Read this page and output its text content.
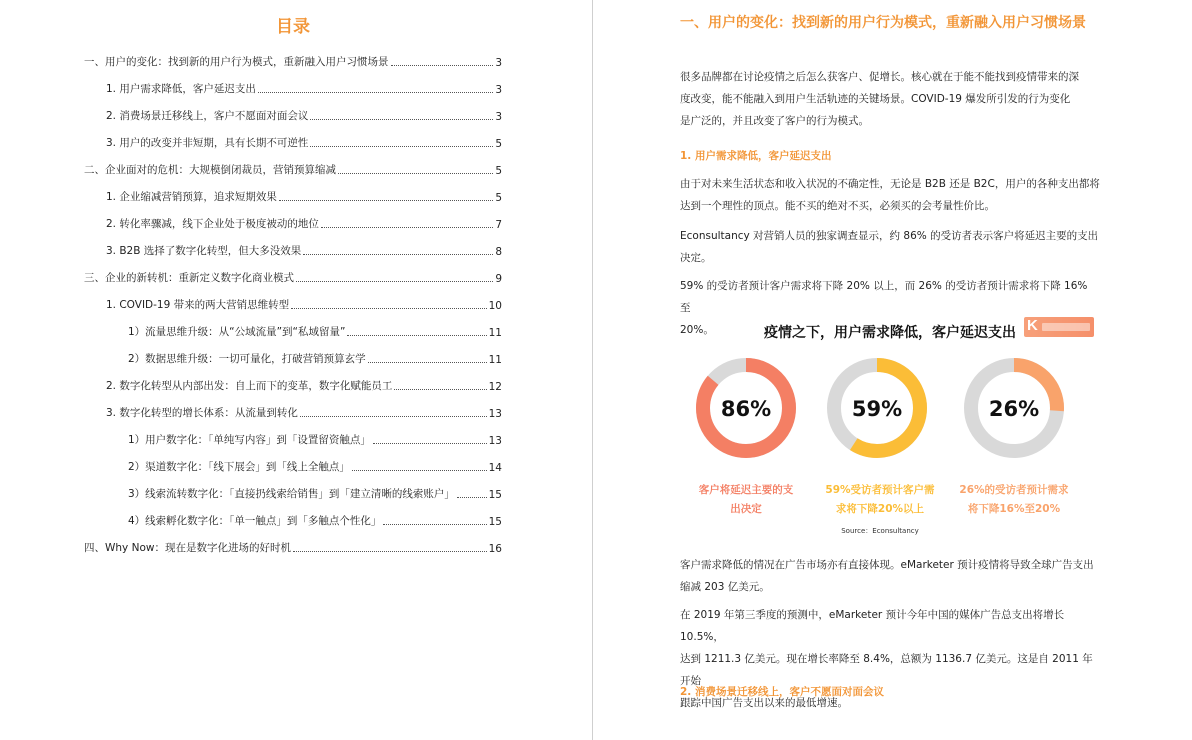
目录
一、用户的变化：找到新的用户行为模式，重新融入用户习惯场景	3
1. 用户需求降低，客户延迟支出	3
2. 消费场景迁移线上，客户不愿面对面会议	3
3. 用户的改变并非短期，具有长期不可逆性	5
二、企业面对的危机：大规模倒闭裁员，营销预算缩减	5
1. 企业缩减营销预算，追求短期效果	5
2. 转化率骤减，线下企业处于极度被动的地位	7
3. B2B 选择了数字化转型，但大多没效果	8
三、企业的新转机：重新定义数字化商业模式	9
1. COVID-19 带来的两大营销思维转型	10
1）流量思维升级：从“公域流量”到“私域留量”	11
2）数据思维升级：一切可量化，打破营销预算玄学	11
2. 数字化转型从内部出发：自上而下的变革，数字化赋能员工	12
3. 数字化转型的增长体系：从流量到转化	13
1）用户数字化：「单纯写内容」到「设置留资触点」	13
2）渠道数字化：「线下展会」到「线上全触点」	14
3）线索流转数字化：「直接扔线索给销售」到「建立清晰的线索账户」	15
4）线索孵化数字化：「单一触点」到「多触点个性化」	15
四、Why Now：现在是数字化进场的好时机	16
一、用户的变化：找到新的用户行为模式，重新融入用户习惯场景
很多品牌都在讨论疫情之后怎么获客户、促增长。核心就在于能不能找到疫情带来的深
度改变，能不能融入到用户生活轨迹的关键场景。COVID-19 爆发所引发的行为变化
是广泛的，并且改变了客户的行为模式。
1. 用户需求降低，客户延迟支出
由于对未来生活状态和收入状况的不确定性，无论是 B2B 还是 B2C，用户的各种支出都将
达到一个理性的顶点。能不买的绝对不买，必须买的会考量性价比。
Econsultancy 对营销人员的独家调查显示，约 86% 的受访者表示客户将延迟主要的支出
决定。
59% 的受访者预计客户需求将下降 20% 以上，而 26% 的受访者预计需求将下降 16% 至
20%。	疫情之下，用户需求降低，客户延迟支出 K
86%	59%	26%
客户将延迟主要的支
出决定
59%受访者预计客户需
求将下降20%以上
26%的受访者预计需求
将下降16%至20%
Source：Econsultancy
客户需求降低的情况在广告市场亦有直接体现。eMarketer 预计疫情将导致全球广告支出
缩减 203 亿美元。
在 2019 年第三季度的预测中，eMarketer 预计今年中国的媒体广告总支出将增长 10.5%，
达到 1211.3 亿美元。现在增长率降至 8.4%，总额为 1136.7 亿美元。这是自 2011 年开始
跟踪中国广告支出以来的最低增速。
2. 消费场景迁移线上，客户不愿面对面会议
